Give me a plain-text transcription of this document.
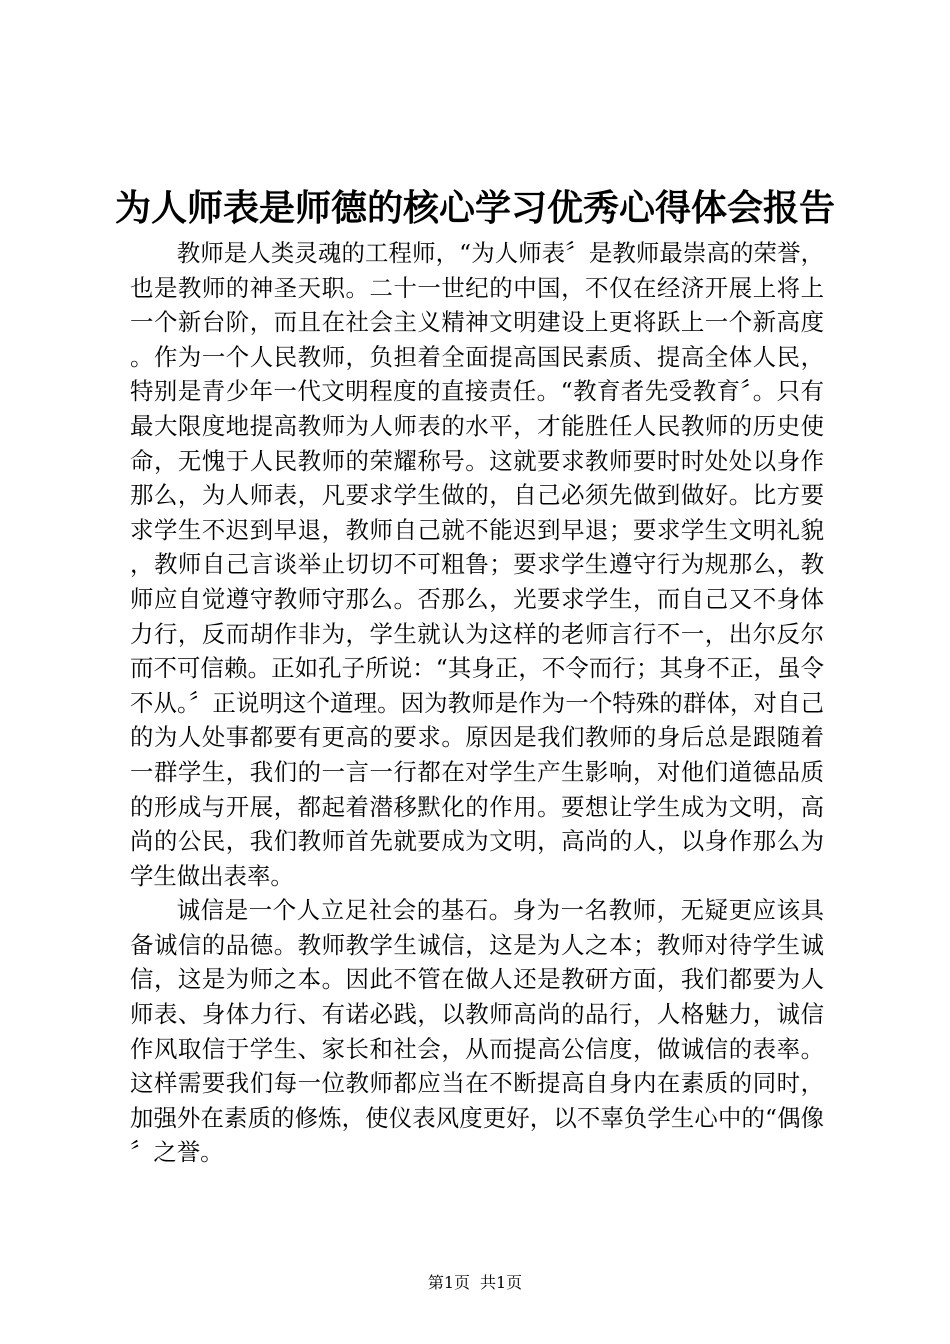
为人师表是师德的核心学习优秀心得体会报告

教师是人类灵魂的工程师，“为人师表〞是教师最崇高的荣誉，也是教师的神圣天职。二十一世纪的中国，不仅在经济开展上将上一个新台阶，而且在社会主义精神文明建设上更将跃上一个新高度。作为一个人民教师，负担着全面提高国民素质、提高全体人民，特别是青少年一代文明程度的直接责任。“教育者先受教育〞。只有最大限度地提高教师为人师表的水平，才能胜任人民教师的历史使命，无愧于人民教师的荣耀称号。这就要求教师要时时处处以身作那么，为人师表，凡要求学生做的，自己必须先做到做好。比方要求学生不迟到早退，教师自己就不能迟到早退；要求学生文明礼貌，教师自己言谈举止切切不可粗鲁；要求学生遵守行为规那么，教师应自觉遵守教师守那么。否那么，光要求学生，而自己又不身体力行，反而胡作非为，学生就认为这样的老师言行不一，出尔反尔而不可信赖。正如孔子所说：“其身正，不令而行；其身不正，虽令不从。〞正说明这个道理。因为教师是作为一个特殊的群体，对自己的为人处事都要有更高的要求。原因是我们教师的身后总是跟随着一群学生，我们的一言一行都在对学生产生影响，对他们道德品质的形成与开展，都起着潜移默化的作用。要想让学生成为文明，高尚的公民，我们教师首先就要成为文明，高尚的人，以身作那么为学生做出表率。

诚信是一个人立足社会的基石。身为一名教师，无疑更应该具备诚信的品德。教师教学生诚信，这是为人之本；教师对待学生诚信，这是为师之本。因此不管在做人还是教研方面，我们都要为人师表、身体力行、有诺必践，以教师高尚的品行，人格魅力，诚信作风取信于学生、家长和社会，从而提高公信度，做诚信的表率。这样需要我们每一位教师都应当在不断提高自身内在素质的同时，加强外在素质的修炼，使仪表风度更好，以不辜负学生心中的“偶像〞之誉。

第1页 共1页
